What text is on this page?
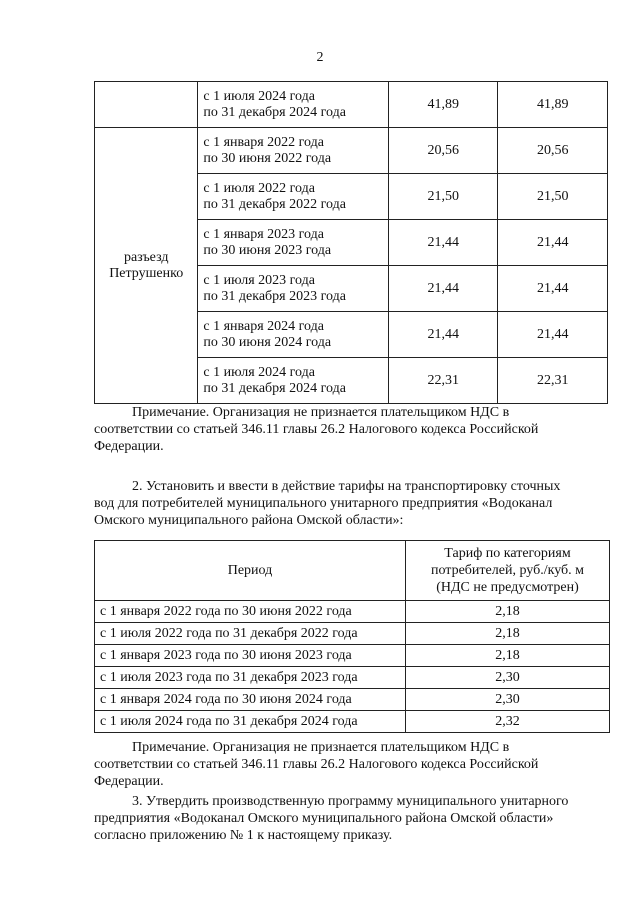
2

	с 1 июля 2024 года
по 31 декабря 2024 года	41,89	41,89

разъезд
Петрушенко	с 1 января 2022 года
по 30 июня 2022 года	20,56	20,56

	с 1 июля 2022 года
по 31 декабря 2022 года	21,50	21,50

	с 1 января 2023 года
по 30 июня 2023 года	21,44	21,44

	с 1 июля 2023 года
по 31 декабря 2023 года	21,44	21,44

	с 1 января 2024 года
по 30 июня 2024 года	21,44	21,44

	с 1 июля 2024 года
по 31 декабря 2024 года	22,31	22,31
Примечание. Организация не признается плательщиком НДС в
соответствии со статьей 346.11 главы 26.2 Налогового кодекса Российской
Федерации.
2. Установить и ввести в действие тарифы на транспортировку сточных
вод для потребителей муниципального унитарного предприятия «Водоканал
Омского муниципального района Омской области»:
Период	Тариф по категориям
потребителей, руб./куб. м
(НДС не предусмотрен)

с 1 января 2022 года по 30 июня 2022 года	2,18
с 1 июля 2022 года по 31 декабря 2022 года	2,18
с 1 января 2023 года по 30 июня 2023 года	2,18
с 1 июля 2023 года по 31 декабря 2023 года	2,30
с 1 января 2024 года по 30 июня 2024 года	2,30
с 1 июля 2024 года по 31 декабря 2024 года	2,32
Примечание. Организация не признается плательщиком НДС в
соответствии со статьей 346.11 главы 26.2 Налогового кодекса Российской
Федерации.
3. Утвердить производственную программу муниципального унитарного
предприятия «Водоканал Омского муниципального района Омской области»
согласно приложению № 1 к настоящему приказу.
